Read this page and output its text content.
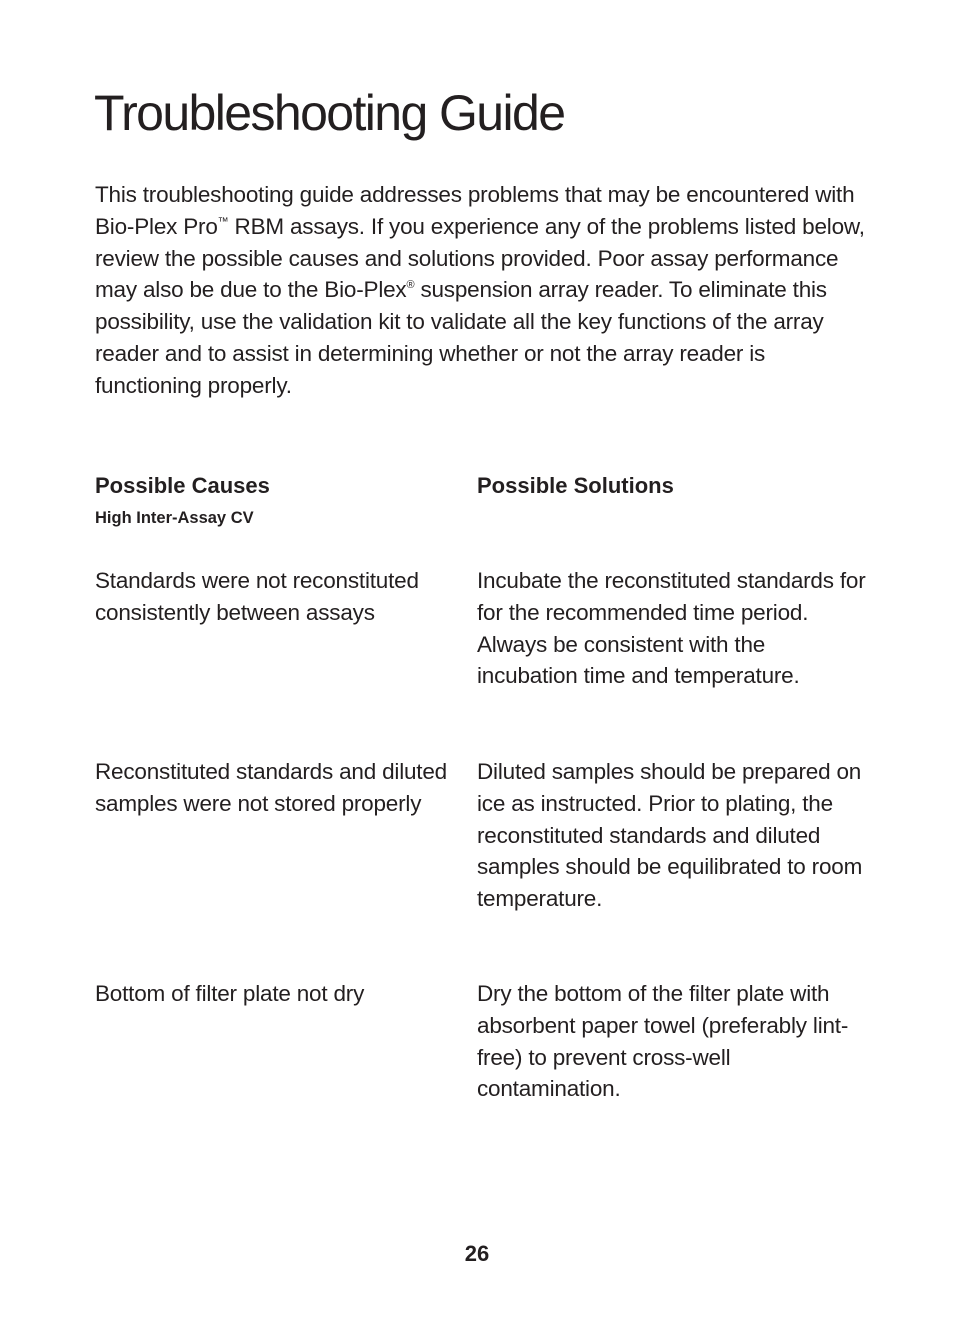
Troubleshooting Guide

This troubleshooting guide addresses problems that may be encountered with Bio-Plex Pro™ RBM assays. If you experience any of the problems listed below, review the possible causes and solutions provided. Poor assay performance may also be due to the Bio-Plex® suspension array reader. To eliminate this possibility, use the validation kit to validate all the key functions of the array reader and to assist in determining whether or not the array reader is functioning properly.

Possible Causes	Possible Solutions
High Inter-Assay CV

Standards were not reconstituted consistently between assays

Incubate the reconstituted standards for for the recommended time period. Always be consistent with the incubation time and temperature.

Reconstituted standards and diluted samples were not stored properly

Diluted samples should be prepared on ice as instructed. Prior to plating, the reconstituted standards and diluted samples should be equilibrated to room temperature.

Bottom of filter plate not dry	Dry the bottom of the filter plate with absorbent paper towel (preferably lint-free) to prevent cross-well contamination.

26
